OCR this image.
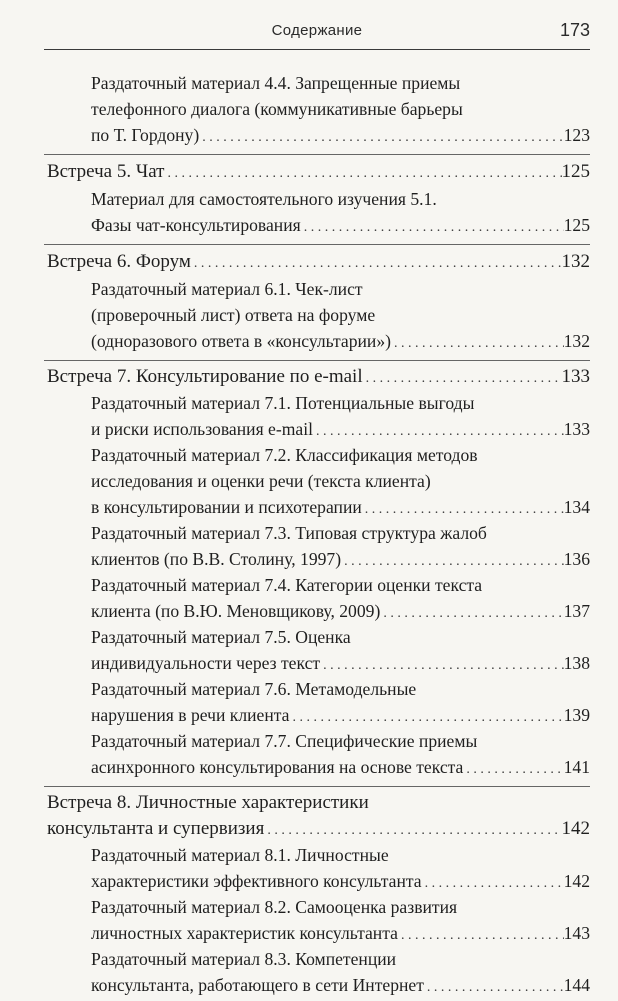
Содержание	173
Раздаточный материал 4.4. Запрещенные приемы
телефонного диалога (коммуникативные барьеры
по Т. Гордону) . . .	123
Встреча 5. Чат . . .	125
Материал для самостоятельного изучения 5.1.
Фазы чат-консультирования . . .	125
Встреча 6. Форум . . .	132
Раздаточный материал 6.1. Чек-лист
(проверочный лист) ответа на форуме
(одноразового ответа в «консультарии») . . .	132
Встреча 7. Консультирование по e-mail . . .	133
Раздаточный материал 7.1. Потенциальные выгоды
и риски использования e-mail . . .	133
Раздаточный материал 7.2. Классификация методов
исследования и оценки речи (текста клиента)
в консультировании и психотерапии . . .	134
Раздаточный материал 7.3. Типовая структура жалоб
клиентов (по В.В. Столину, 1997) . . .	136
Раздаточный материал 7.4. Категории оценки текста
клиента (по В.Ю. Меновщикову, 2009) . . .	137
Раздаточный материал 7.5. Оценка
индивидуальности через текст . . .	138
Раздаточный материал 7.6. Метамодельные
нарушения в речи клиента . . .	139
Раздаточный материал 7.7. Специфические приемы
асинхронного консультирования на основе текста . . .	141
Встреча 8. Личностные характеристики
консультанта и супервизия . . .	142
Раздаточный материал 8.1. Личностные
характеристики эффективного консультанта . . .	142
Раздаточный материал 8.2. Самооценка развития
личностных характеристик консультанта . . .	143
Раздаточный материал 8.3. Компетенции
консультанта, работающего в сети Интернет . . .	144
